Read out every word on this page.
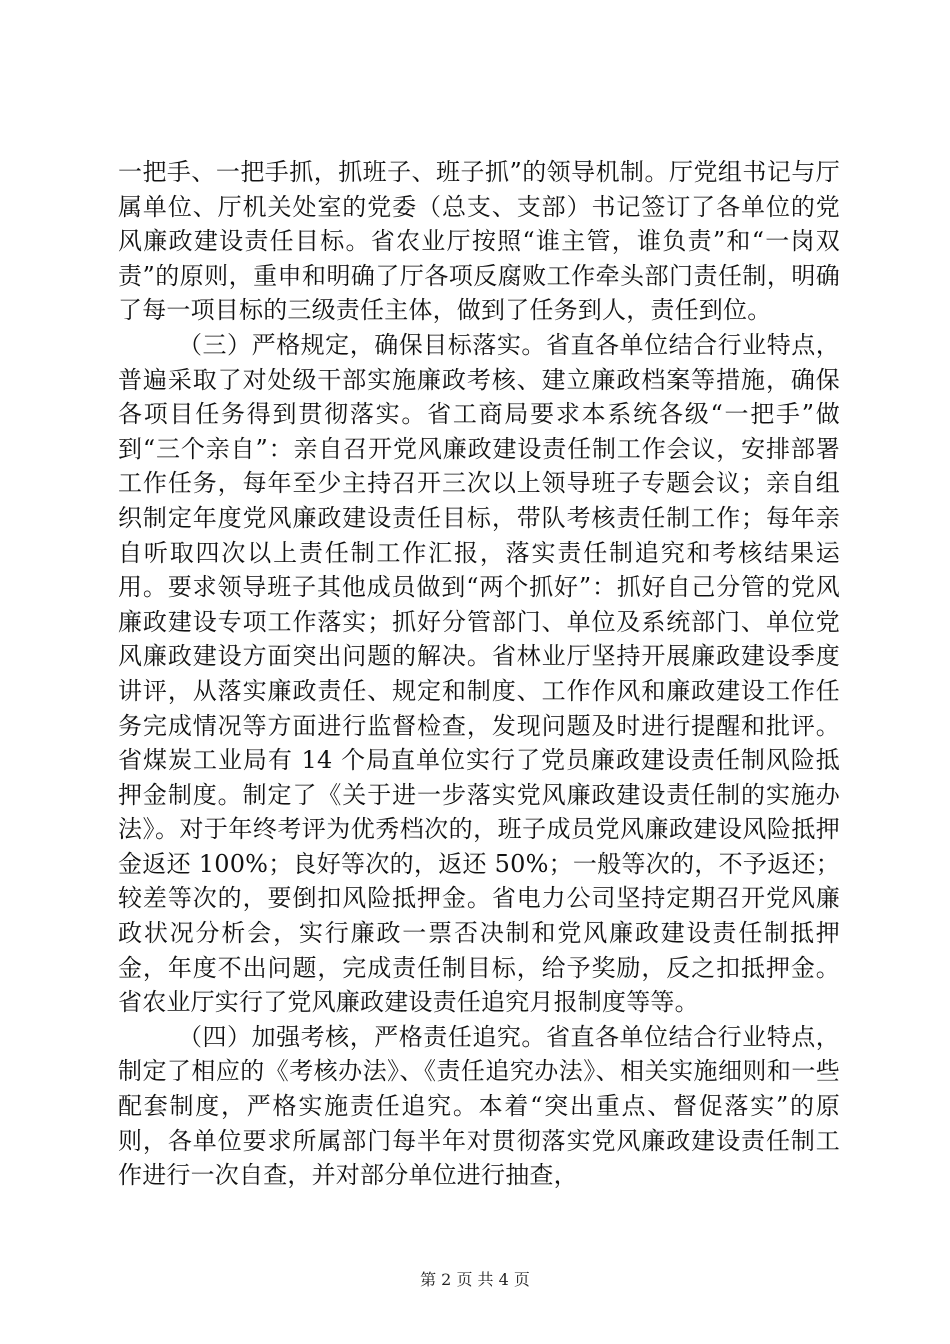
一把手、一把手抓，抓班子、班子抓”的领导机制。厅党组书记与厅属单位、厅机关处室的党委（总支、支部）书记签订了各单位的党风廉政建设责任目标。省农业厅按照“谁主管，谁负责”和“一岗双责”的原则，重申和明确了厅各项反腐败工作牵头部门责任制，明确了每一项目标的三级责任主体，做到了任务到人，责任到位。

（三）严格规定，确保目标落实。省直各单位结合行业特点，普遍采取了对处级干部实施廉政考核、建立廉政档案等措施，确保各项目任务得到贯彻落实。省工商局要求本系统各级“一把手”做到“三个亲自”：亲自召开党风廉政建设责任制工作会议，安排部署工作任务，每年至少主持召开三次以上领导班子专题会议；亲自组织制定年度党风廉政建设责任目标，带队考核责任制工作；每年亲自听取四次以上责任制工作汇报，落实责任制追究和考核结果运用。要求领导班子其他成员做到“两个抓好”：抓好自己分管的党风廉政建设专项工作落实；抓好分管部门、单位及系统部门、单位党风廉政建设方面突出问题的解决。省林业厅坚持开展廉政建设季度讲评，从落实廉政责任、规定和制度、工作作风和廉政建设工作任务完成情况等方面进行监督检查，发现问题及时进行提醒和批评。省煤炭工业局有 14 个局直单位实行了党员廉政建设责任制风险抵押金制度。制定了《关于进一步落实党风廉政建设责任制的实施办法》。对于年终考评为优秀档次的，班子成员党风廉政建设风险抵押金返还 100%；良好等次的，返还 50%；一般等次的，不予返还；较差等次的，要倒扣风险抵押金。省电力公司坚持定期召开党风廉政状况分析会，实行廉政一票否决制和党风廉政建设责任制抵押金，年度不出问题，完成责任制目标，给予奖励，反之扣抵押金。省农业厅实行了党风廉政建设责任追究月报制度等等。

（四）加强考核，严格责任追究。省直各单位结合行业特点，制定了相应的《考核办法》、《责任追究办法》、相关实施细则和一些配套制度，严格实施责任追究。本着“突出重点、督促落实”的原则，各单位要求所属部门每半年对贯彻落实党风廉政建设责任制工作进行一次自查，并对部分单位进行抽查，

第 2 页 共 4 页
